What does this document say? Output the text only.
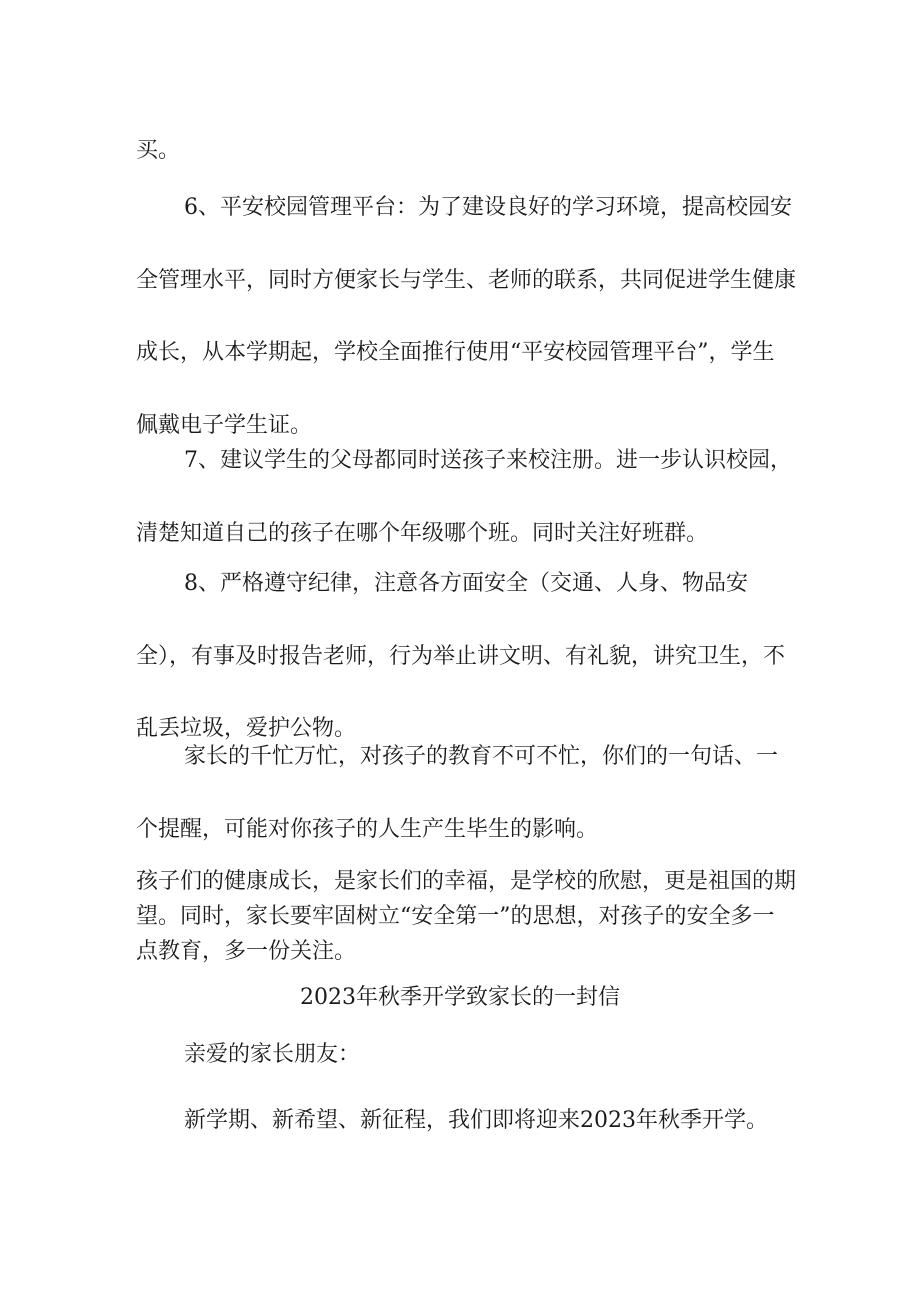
买。

6、平安校园管理平台：为了建设良好的学习环境，提高校园安全管理水平，同时方便家长与学生、老师的联系，共同促进学生健康成长，从本学期起，学校全面推行使用“平安校园管理平台”，学生佩戴电子学生证。

7、建议学生的父母都同时送孩子来校注册。进一步认识校园，清楚知道自己的孩子在哪个年级哪个班。同时关注好班群。

8、严格遵守纪律，注意各方面安全（交通、人身、物品安全），有事及时报告老师，行为举止讲文明、有礼貌，讲究卫生，不乱丢垃圾，爱护公物。

家长的千忙万忙，对孩子的教育不可不忙，你们的一句话、一个提醒，可能对你孩子的人生产生毕生的影响。

孩子们的健康成长，是家长们的幸福，是学校的欣慰，更是祖国的期望。同时，家长要牢固树立“安全第一”的思想，对孩子的安全多一点教育，多一份关注。

2023年秋季开学致家长的一封信

亲爱的家长朋友：

新学期、新希望、新征程，我们即将迎来2023年秋季开学。
